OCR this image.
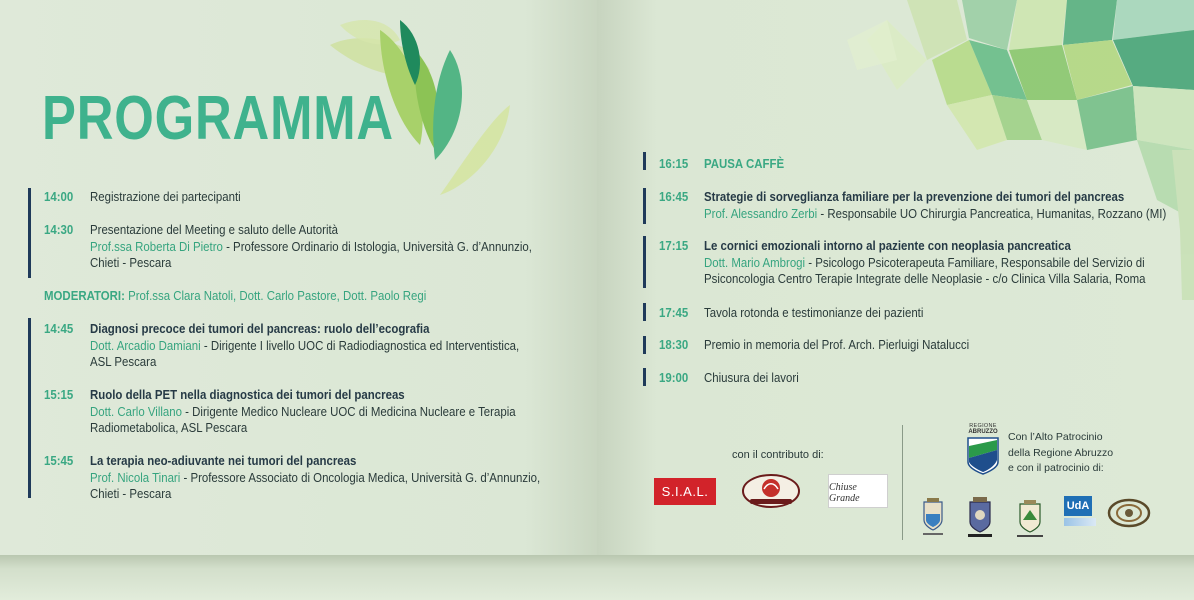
PROGRAMMA
14:00 Registrazione dei partecipanti
14:30 Presentazione del Meeting e saluto delle Autorità
Prof.ssa Roberta Di Pietro - Professore Ordinario di Istologia, Università G. d’Annunzio,
Chieti - Pescara
MODERATORI: Prof.ssa Clara Natoli, Dott. Carlo Pastore, Dott. Paolo Regi
14:45 Diagnosi precoce dei tumori del pancreas: ruolo dell’ecografia
Dott. Arcadio Damiani - Dirigente I livello UOC di Radiodiagnostica ed Interventistica,
ASL Pescara
15:15 Ruolo della PET nella diagnostica dei tumori del pancreas
Dott. Carlo Villano - Dirigente Medico Nucleare UOC di Medicina Nucleare e Terapia
Radiometabolica, ASL Pescara
15:45 La terapia neo-adiuvante nei tumori del pancreas
Prof. Nicola Tinari - Professore Associato di Oncologia Medica, Università G. d’Annunzio,
Chieti - Pescara
16:15 PAUSA CAFFÈ
16:45 Strategie di sorveglianza familiare per la prevenzione dei tumori del pancreas
Prof. Alessandro Zerbi - Responsabile UO Chirurgia Pancreatica, Humanitas, Rozzano (MI)
17:15 Le cornici emozionali intorno al paziente con neoplasia pancreatica
Dott. Mario Ambrogi - Psicologo Psicoterapeuta Familiare, Responsabile del Servizio di
Psiconcologia Centro Terapie Integrate delle Neoplasie - c/o Clinica Villa Salaria, Roma
17:45 Tavola rotonda e testimonianze dei pazienti
18:30 Premio in memoria del Prof. Arch. Pierluigi Natalucci
19:00 Chiusura dei lavori
con il contributo di:
S.I.A.L.	Chiuse Grande
REGIONE
ABRUZZO Con l’Alto Patrocinio
della Regione Abruzzo
e con il patrocinio di:
UdA
